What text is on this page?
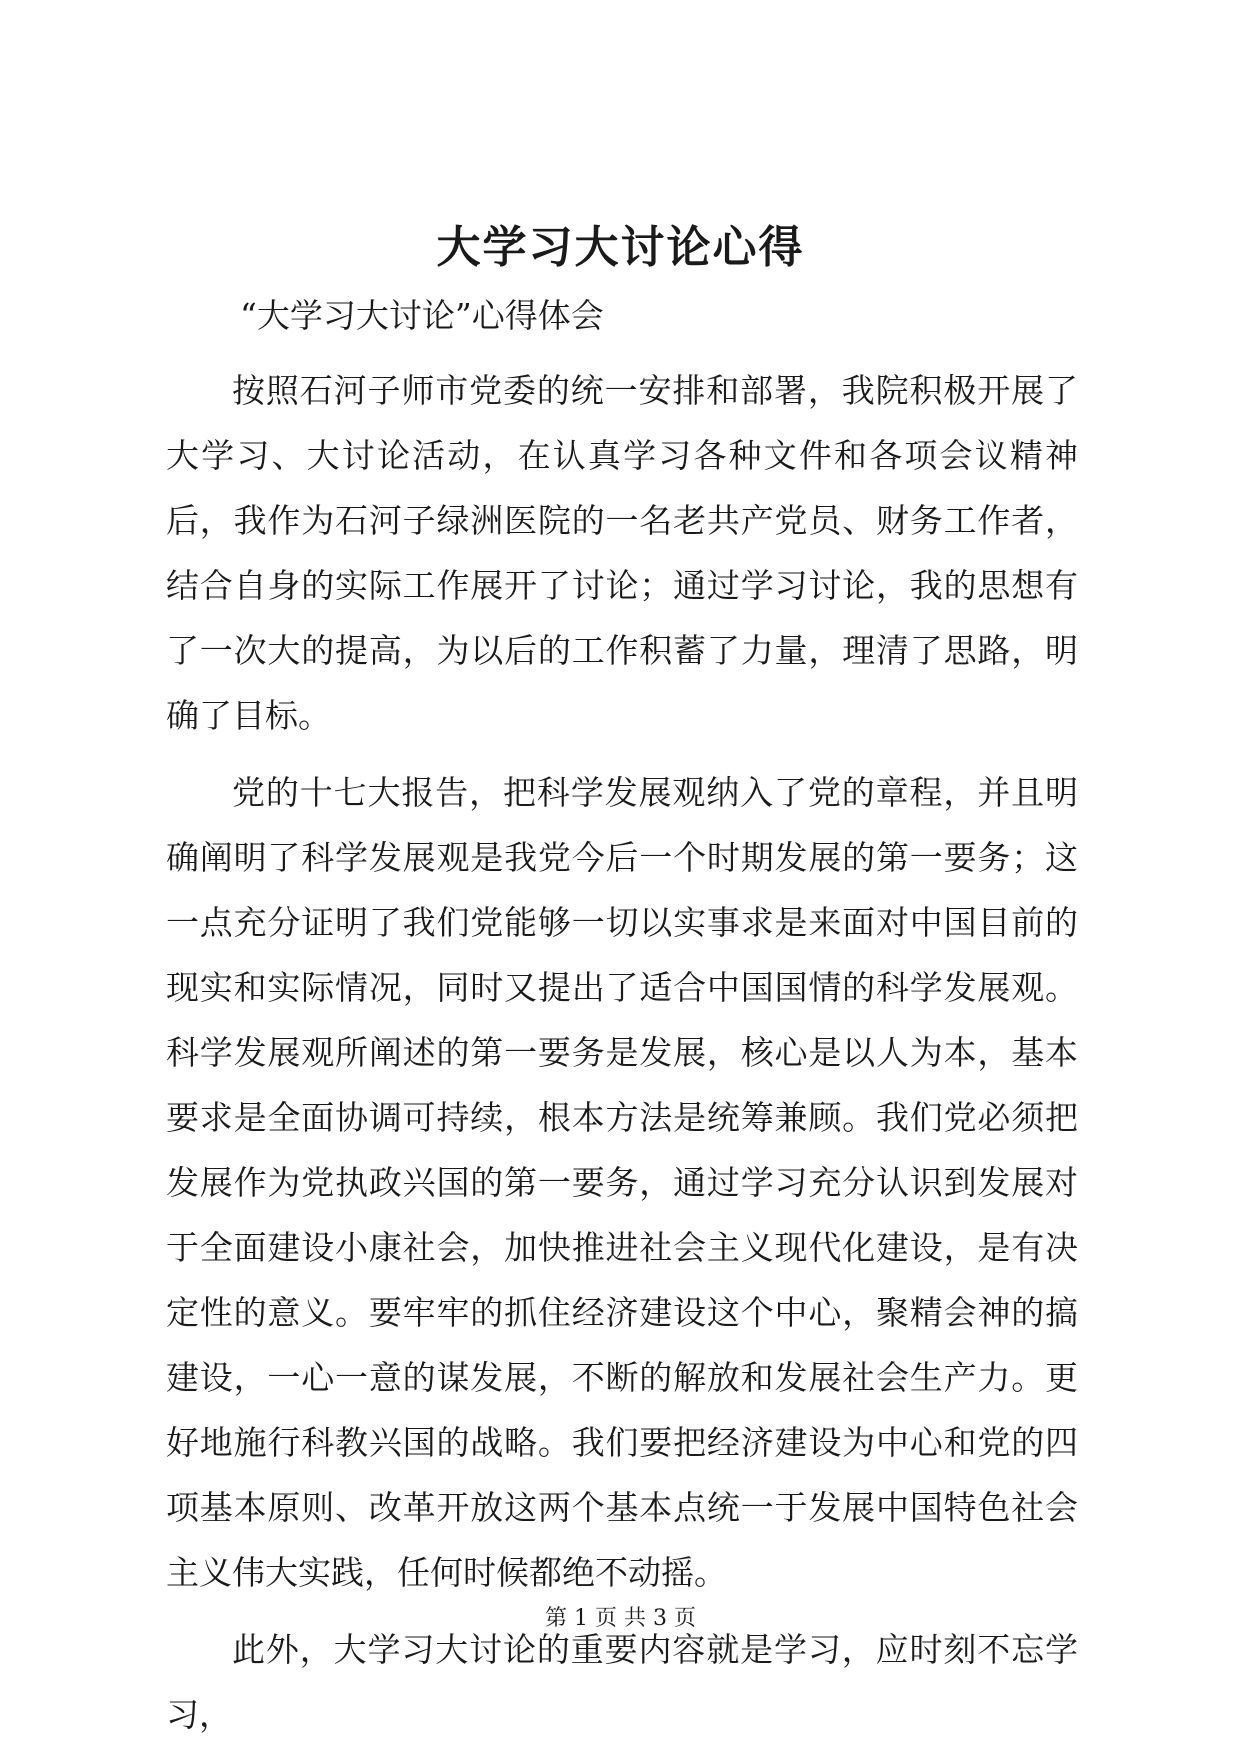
大学习大讨论心得

“大学习大讨论”心得体会

按照石河子师市党委的统一安排和部署，我院积极开展了大学习、大讨论活动，在认真学习各种文件和各项会议精神后，我作为石河子绿洲医院的一名老共产党员、财务工作者，结合自身的实际工作展开了讨论；通过学习讨论，我的思想有了一次大的提高，为以后的工作积蓄了力量，理清了思路，明确了目标。

党的十七大报告，把科学发展观纳入了党的章程，并且明确阐明了科学发展观是我党今后一个时期发展的第一要务；这一点充分证明了我们党能够一切以实事求是来面对中国目前的现实和实际情况，同时又提出了适合中国国情的科学发展观。科学发展观所阐述的第一要务是发展，核心是以人为本，基本要求是全面协调可持续，根本方法是统筹兼顾。我们党必须把发展作为党执政兴国的第一要务，通过学习充分认识到发展对于全面建设小康社会，加快推进社会主义现代化建设，是有决定性的意义。要牢牢的抓住经济建设这个中心，聚精会神的搞建设，一心一意的谋发展，不断的解放和发展社会生产力。更好地施行科教兴国的战略。我们要把经济建设为中心和党的四项基本原则、改革开放这两个基本点统一于发展中国特色社会主义伟大实践，任何时候都绝不动摇。

此外，大学习大讨论的重要内容就是学习，应时刻不忘学习，

第 1 页 共 3 页
